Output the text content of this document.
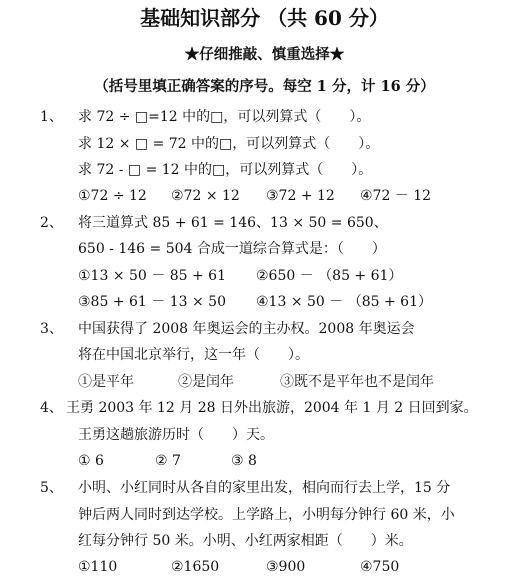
基础知识部分 （共 60 分）
★仔细推敲、慎重选择★
（括号里填正确答案的序号。每空 1 分，计 16 分）
1、 求 72 ÷ □=12 中的□，可以列算式（　　）。
求 12 × □ = 72 中的□，可以列算式（　　）。
求 72 - □ = 12 中的□，可以列算式（　　）。
①72 ÷ 12 ②72 × 12 ③72 + 12 ④72 － 12
2、 将三道算式 85 + 61 = 146、13 × 50 = 650、
650 - 146 = 504 合成一道综合算式是：（　　）
①13 × 50 － 85 + 61 ②650 － （85 + 61）
③85 + 61 － 13 × 50 ④13 × 50 － （85 + 61）
3、 中国获得了 2008 年奥运会的主办权。2008 年奥运会
将在中国北京举行，这一年（　　）。
①是平年	②是闰年	③既不是平年也不是闰年
4、 王勇 2003 年 12 月 28 日外出旅游，2004 年 1 月 2 日回到家。
王勇这趟旅游历时（　　）天。
① 6	② 7	③ 8
5、 小明、小红同时从各自的家里出发，相向而行去上学，15 分
钟后两人同时到达学校。上学路上，小明每分钟行 60 米，小
红每分钟行 50 米。小明、小红两家相距（　　）米。
①110	②1650	③900	④750
